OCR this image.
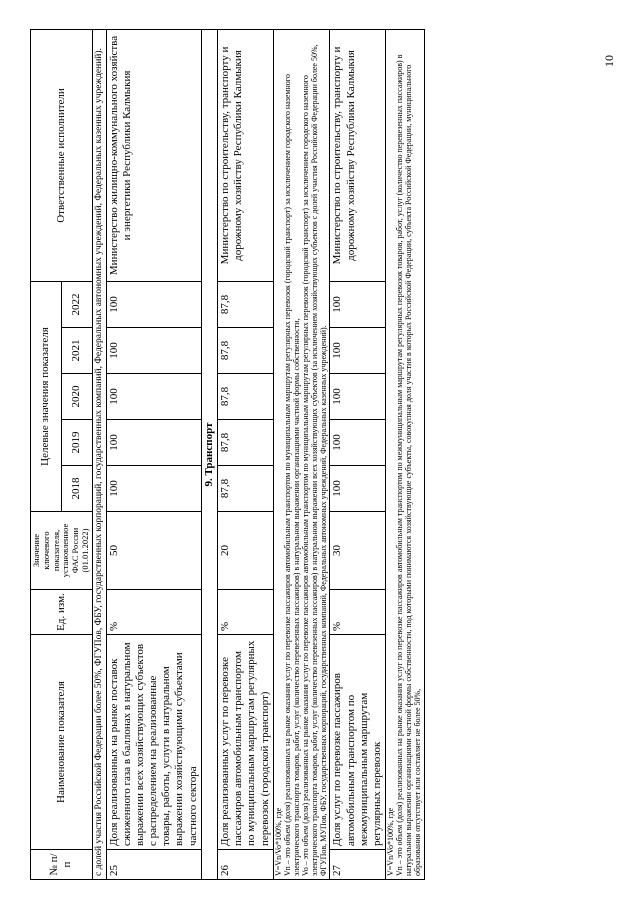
№ п/п	Наименование показателя	Ед. изм.	Значение ключевого показателя, установленное ФАС России (01.01.2022)	Целевые значения показателя					Ответственные исполнители
				2018	2019	2020	2021	2022	
с долей участия Российской Федерации более 50%, ФГУПов, ФБУ, государственных корпораций, государственных компаний, Федеральных автономных учреждений, Федеральных казенных учреждений).									
25	Доля реализованных на рынке поставок сжиженного газа в баллонах в натуральном выражении всех хозяйствующих субъектов с распределением на реализованные товары, работы, услуги в натуральном выражении хозяйствующими субъектами частного сектора	%	50	100	100	100	100	100	Министерство жилищно-коммунального хозяйства и энергетики Республики Калмыкия
9. Транспорт									
26	Доля реализованных услуг по перевозке пассажиров автомобильным транспортом по муниципальным маршрутам регулярных перевозок (городской транспорт)	%	20	87,8	87,8	87,8	87,8	87,8	Министерство по строительству, транспорту и дорожному хозяйству Республики Калмыкия

V=Vn/Vo*100%, где Vn – это объем (доля) реализованных на рынке оказания услуг по перевозке пассажиров автомобильным транспортом по муниципальным маршрутам регулярных перевозок (городской транспорт) за исключением городского наземного электрического транспорта товаров, работ, услуг (количество перевезенных пассажиров) в натуральном выражении организациями частной формы собственности, Vo – это объем (доля) реализованных на рынке оказания услуг по перевозке пассажиров автомобильным транспортом по муниципальным маршрутам регулярных перевозок (городской транспорт) за исключением городского наземного электрического транспорта товаров, работ, услуг (количество перевезенных пассажиров) в натуральном выражении всех хозяйствующих субъектов (за исключением хозяйствующих субъектов с долей участия Российской Федерации более 50%, ФГУПов, МУПов, ФБУ, государственных корпораций, государственных компаний, Федеральных автономных учреждений, Федеральных казенных учреждений).									

27	Доля услуг по перевозке пассажиров автомобильным транспортом по межмуниципальным маршрутам регулярных перевозок	%	30	100	100	100	100	100	Министерство по строительству, транспорту и дорожному хозяйству Республики Калмыкия

V=Vn/Vo*100%, где Vn – это объем (доля) реализованных на рынке оказания услуг по перевозке пассажиров автомобильным транспортом по межмуниципальным маршрутам регулярных перевозок товаров, работ, услуг (количество перевезенных пассажиров) в натуральном выражении организациями частной формы собственности, под которыми понимаются хозяйствующие субъекты, совокупная доля участия в которых Российской Федерации, субъекта Российской Федерации, муниципального образования отсутствует или составляет не более 50%,									
10
